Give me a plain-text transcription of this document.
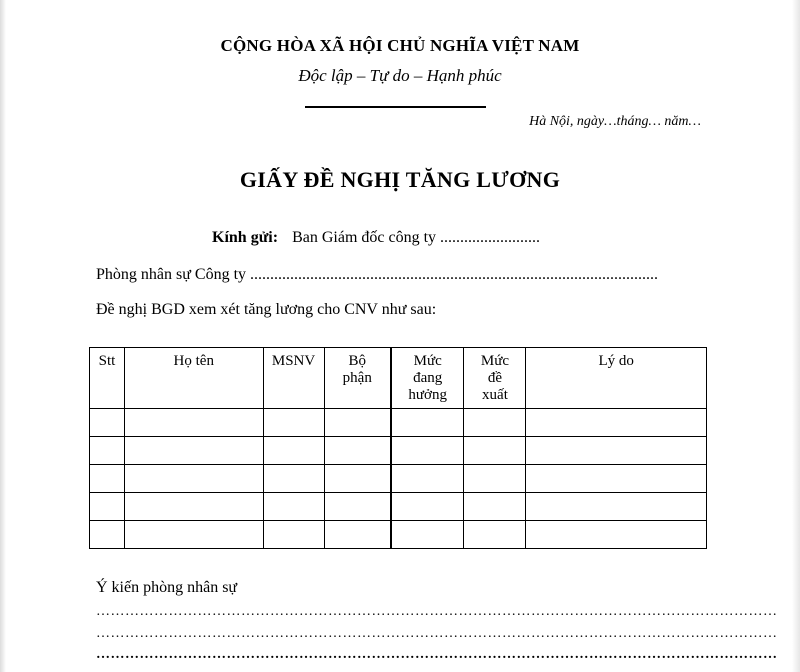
CỘNG HÒA XÃ HỘI CHỦ NGHĨA VIỆT NAM
Độc lập – Tự do – Hạnh phúc
Hà Nội, ngày…tháng… năm…
GIẤY ĐỀ NGHỊ TĂNG LƯƠNG
Kính gửi: Ban Giám đốc công ty .........................
Phòng nhân sự Công ty ......................................................................................................
Đề nghị BGD xem xét tăng lương cho CNV như sau:
Stt	Họ tên	MSNV	Bộ phận	Mức đang hưởng	Mức đề xuất	Lý do

Ý kiến phòng nhân sự
……………………………………………………………………………………………………………………………
……………………………………………………………………………………………………………………………
……………………………………………………………………………………………………………………………
